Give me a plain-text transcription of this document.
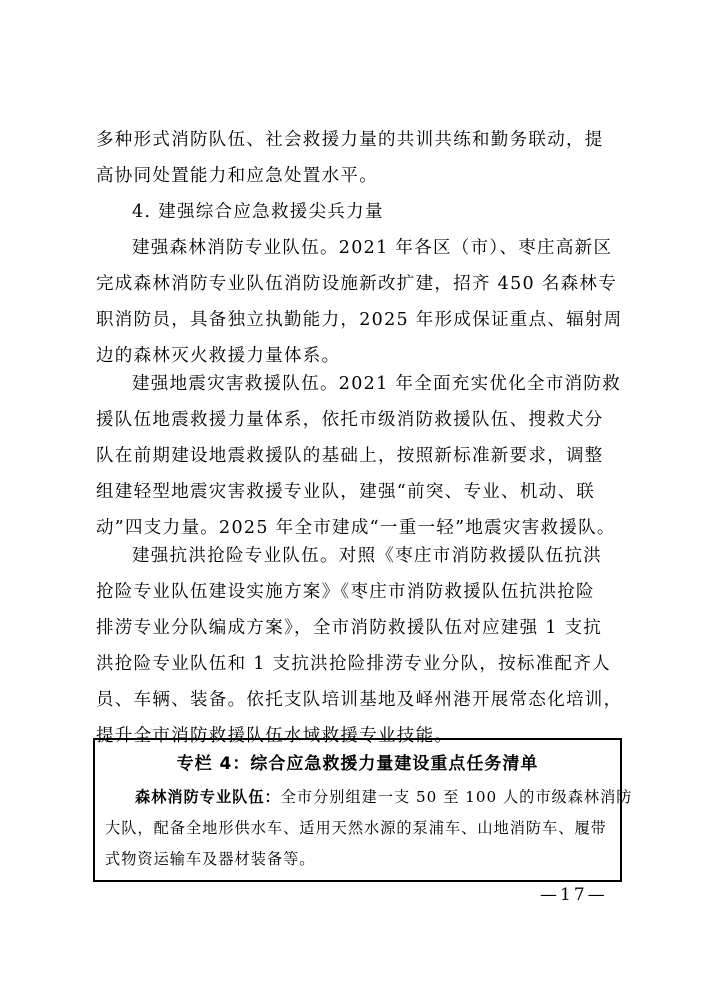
多种形式消防队伍、社会救援力量的共训共练和勤务联动，提
高协同处置能力和应急处置水平。
4. 建强综合应急救援尖兵力量
建强森林消防专业队伍。2021 年各区（市）、枣庄高新区
完成森林消防专业队伍消防设施新改扩建，招齐 450 名森林专
职消防员，具备独立执勤能力，2025 年形成保证重点、辐射周
边的森林灭火救援力量体系。
建强地震灾害救援队伍。2021 年全面充实优化全市消防救
援队伍地震救援力量体系，依托市级消防救援队伍、搜救犬分
队在前期建设地震救援队的基础上，按照新标准新要求，调整
组建轻型地震灾害救援专业队，建强“前突、专业、机动、联
动”四支力量。2025 年全市建成“一重一轻”地震灾害救援队。
建强抗洪抢险专业队伍。对照《枣庄市消防救援队伍抗洪
抢险专业队伍建设实施方案》《枣庄市消防救援队伍抗洪抢险
排涝专业分队编成方案》，全市消防救援队伍对应建强 1 支抗
洪抢险专业队伍和 1 支抗洪抢险排涝专业分队，按标准配齐人
员、车辆、装备。依托支队培训基地及峄州港开展常态化培训，
提升全市消防救援队伍水域救援专业技能。
专栏 4：综合应急救援力量建设重点任务清单
森林消防专业队伍：全市分别组建一支 50 至 100 人的市级森林消防
大队，配备全地形供水车、适用天然水源的泵浦车、山地消防车、履带
式物资运输车及器材装备等。
—17—
